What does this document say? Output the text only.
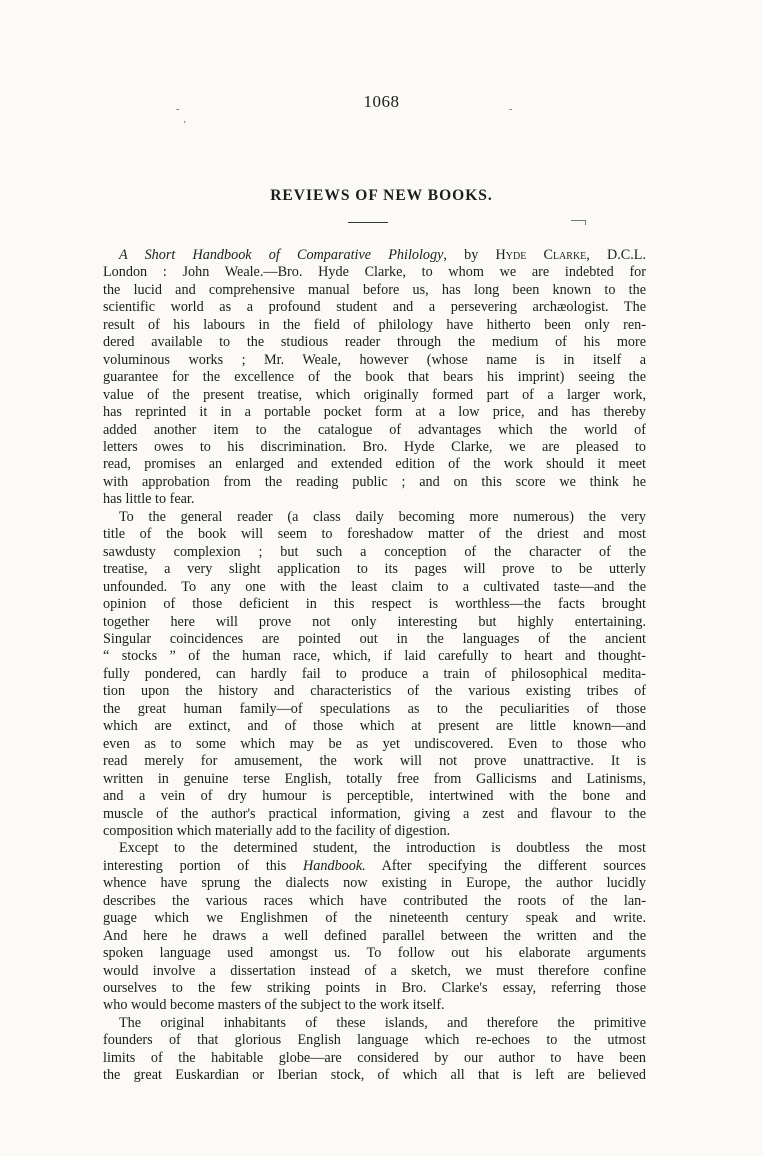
1068
ʼ
-	-
REVIEWS OF NEW BOOKS.
A Short Handbook of Comparative Philology, by Hyde Clarke, D.C.L.
London : John Weale.—Bro. Hyde Clarke, to whom we are indebted for
the lucid and comprehensive manual before us, has long been known to the
scientific world as a profound student and a persevering archæologist. The
result of his labours in the field of philology have hitherto been only ren-
dered available to the studious reader through the medium of his more
voluminous works ; Mr. Weale, however (whose name is in itself a
guarantee for the excellence of the book that bears his imprint) seeing the
value of the present treatise, which originally formed part of a larger work,
has reprinted it in a portable pocket form at a low price, and has thereby
added another item to the catalogue of advantages which the world of
letters owes to his discrimination. Bro. Hyde Clarke, we are pleased to
read, promises an enlarged and extended edition of the work should it meet
with approbation from the reading public ; and on this score we think he
has little to fear.
To the general reader (a class daily becoming more numerous) the very
title of the book will seem to foreshadow matter of the driest and most
sawdusty complexion ; but such a conception of the character of the
treatise, a very slight application to its pages will prove to be utterly
unfounded. To any one with the least claim to a cultivated taste—and the
opinion of those deficient in this respect is worthless—the facts brought
together here will prove not only interesting but highly entertaining.
Singular coincidences are pointed out in the languages of the ancient
“ stocks ” of the human race, which, if laid carefully to heart and thought-
fully pondered, can hardly fail to produce a train of philosophical medita-
tion upon the history and characteristics of the various existing tribes of
the great human family—of speculations as to the peculiarities of those
which are extinct, and of those which at present are little known—and
even as to some which may be as yet undiscovered. Even to those who
read merely for amusement, the work will not prove unattractive. It is
written in genuine terse English, totally free from Gallicisms and Latinisms,
and a vein of dry humour is perceptible, intertwined with the bone and
muscle of the author's practical information, giving a zest and flavour to the
composition which materially add to the facility of digestion.
Except to the determined student, the introduction is doubtless the most
interesting portion of this Handbook. After specifying the different sources
whence have sprung the dialects now existing in Europe, the author lucidly
describes the various races which have contributed the roots of the lan-
guage which we Englishmen of the nineteenth century speak and write.
And here he draws a well defined parallel between the written and the
spoken language used amongst us. To follow out his elaborate arguments
would involve a dissertation instead of a sketch, we must therefore confine
ourselves to the few striking points in Bro. Clarke's essay, referring those
who would become masters of the subject to the work itself.
The original inhabitants of these islands, and therefore the primitive
founders of that glorious English language which re-echoes to the utmost
limits of the habitable globe—are considered by our author to have been
the great Euskardian or Iberian stock, of which all that is left are believed
